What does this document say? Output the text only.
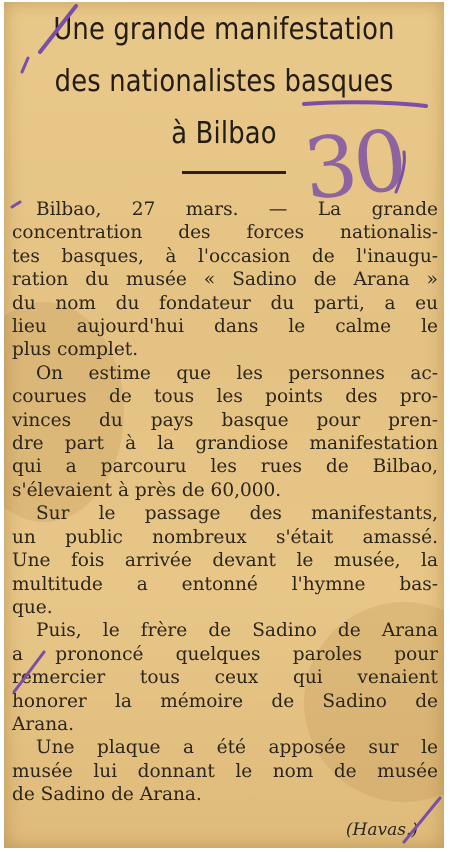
Une grande manifestation
des nationalistes basques
à Bilbao

Bilbao, 27 mars. — La grande
concentration des forces nationalis-
tes basques, à l'occasion de l'inaugu-
ration du musée « Sadino de Arana »
du nom du fondateur du parti, a eu
lieu aujourd'hui dans le calme le
plus complet.

On estime que les personnes ac-
courues de tous les points des pro-
vinces du pays basque pour pren-
dre part à la grandiose manifestation
qui a parcouru les rues de Bilbao,
s'élevaient à près de 60,000.

Sur le passage des manifestants,
un public nombreux s'était amassé.
Une fois arrivée devant le musée, la
multitude a entonné l'hymne bas-
que.

Puis, le frère de Sadino de Arana
a prononcé quelques paroles pour
remercier tous ceux qui venaient
honorer la mémoire de Sadino de
Arana.

Une plaque a été apposée sur le
musée lui donnant le nom de musée
de Sadino de Arana.

(Havas.)
30
